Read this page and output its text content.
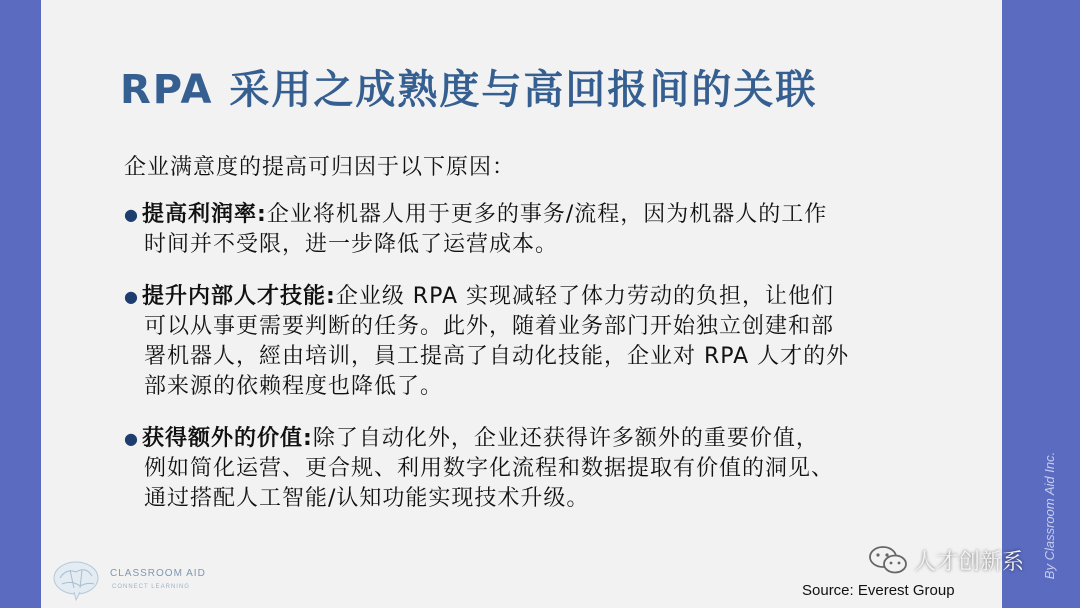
RPA 采用之成熟度与高回报间的关联
企业满意度的提高可归因于以下原因：
● 提高利润率:企业将机器人用于更多的事务/流程，因为机器人的工作
时间并不受限，进一步降低了运营成本。
● 提升内部人才技能:企业级 RPA 实现减轻了体力劳动的负担，让他们
可以从事更需要判断的任务。此外，随着业务部门开始独立创建和部
署机器人，經由培训，員工提高了自动化技能，企业对 RPA 人才的外
部来源的依赖程度也降低了。
● 获得额外的价值:除了自动化外，企业还获得许多额外的重要价值，
例如简化运营、更合规、利用数字化流程和数据提取有价值的洞见、
通过搭配人工智能/认知功能实现技术升级。
CLASSROOM AID
CONNECT LEARNING	Source: Everest Group
人才创新系 By Classroom Aid Inc.
